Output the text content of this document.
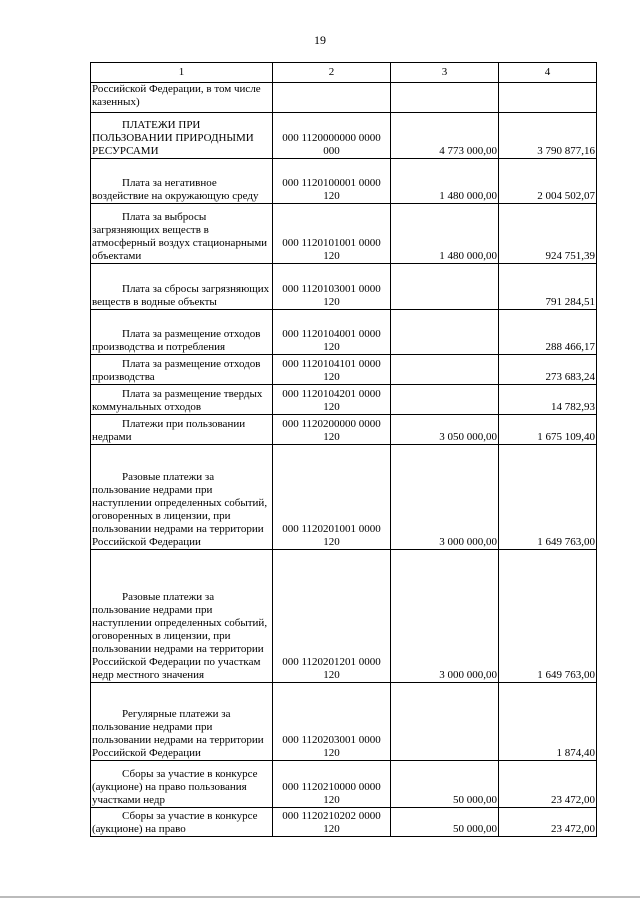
19
1	2	3	4

Российской Федерации, в том числе казенных)			

ПЛАТЕЖИ ПРИ ПОЛЬЗОВАНИИ ПРИРОДНЫМИ РЕСУРСАМИ	000 1120000000 0000 000	4 773 000,00	3 790 877,16

Плата за негативное воздействие на окружающую среду	000 1120100001 0000 120	1 480 000,00	2 004 502,07

Плата за выбросы загрязняющих веществ в атмосферный воздух стационарными объектами	000 1120101001 0000 120	1 480 000,00	924 751,39

Плата за сбросы загрязняющих веществ в водные объекты	000 1120103001 0000 120		791 284,51

Плата за размещение отходов производства и потребления	000 1120104001 0000 120		288 466,17

Плата за размещение отходов производства	000 1120104101 0000 120		273 683,24

Плата за размещение твердых коммунальных отходов	000 1120104201 0000 120		14 782,93

Платежи при пользовании недрами	000 1120200000 0000 120	3 050 000,00	1 675 109,40

Разовые платежи за пользование недрами при наступлении определенных событий, оговоренных в лицензии, при пользовании недрами на территории Российской Федерации	000 1120201001 0000 120	3 000 000,00	1 649 763,00

Разовые платежи за пользование недрами при наступлении определенных событий, оговоренных в лицензии, при пользовании недрами на территории Российской Федерации по участкам недр местного значения	000 1120201201 0000 120	3 000 000,00	1 649 763,00

Регулярные платежи за пользование недрами при пользовании недрами на территории Российской Федерации	000 1120203001 0000 120		1 874,40

Сборы за участие в конкурсе (аукционе) на право пользования участками недр	000 1120210000 0000 120	50 000,00	23 472,00

Сборы за участие в конкурсе (аукционе) на право	000 1120210202 0000 120	50 000,00	23 472,00
